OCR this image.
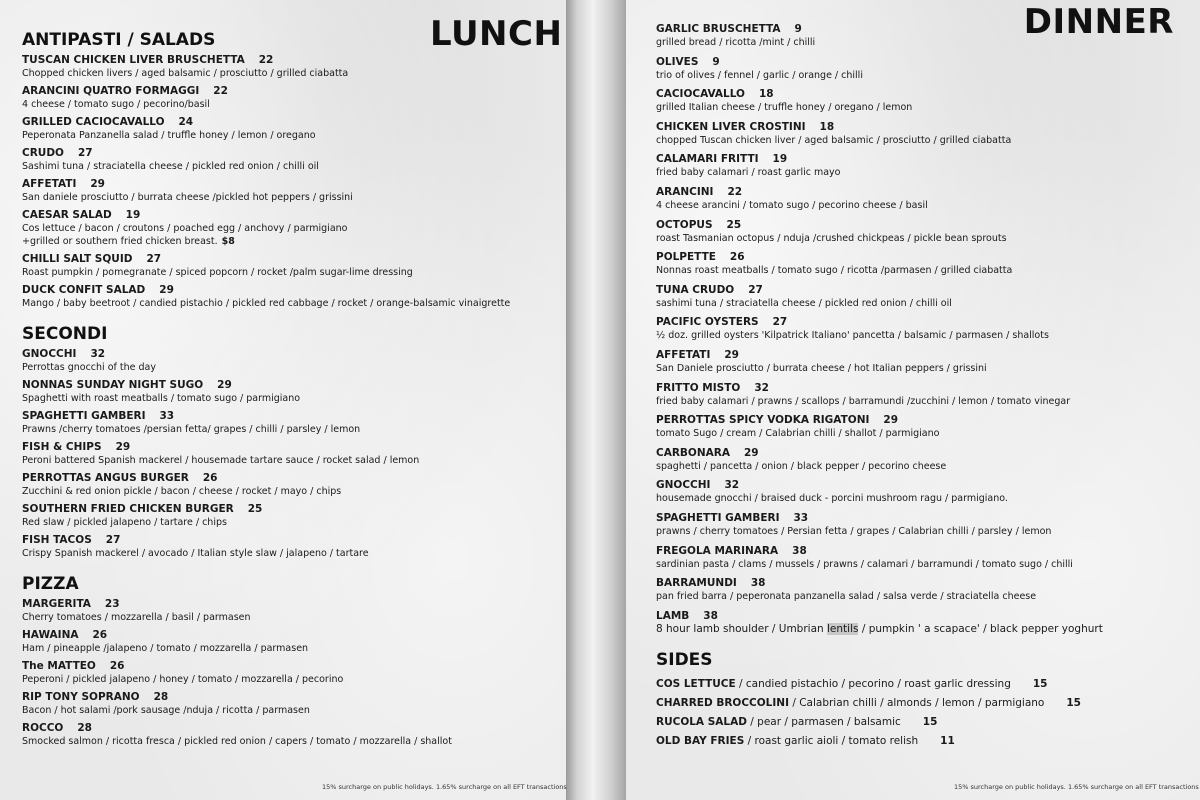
LUNCH
ANTIPASTI / SALADS
TUSCAN CHICKEN LIVER BRUSCHETTA 22
Chopped chicken livers / aged balsamic / prosciutto / grilled ciabatta
ARANCINI QUATRO FORMAGGI 22
4 cheese / tomato sugo / pecorino/basil
GRILLED CACIOCAVALLO 24
Peperonata Panzanella salad / truffle honey / lemon / oregano
CRUDO 27
Sashimi tuna / straciatella cheese / pickled red onion / chilli oil
AFFETATI 29
San daniele prosciutto / burrata cheese /pickled hot peppers / grissini
CAESAR SALAD 19
Cos lettuce / bacon / croutons / poached egg / anchovy / parmigiano
+grilled or southern fried chicken breast. $8
CHILLI SALT SQUID 27
Roast pumpkin / pomegranate / spiced popcorn / rocket /palm sugar-lime dressing
DUCK CONFIT SALAD 29
Mango / baby beetroot / candied pistachio / pickled red cabbage / rocket / orange-balsamic vinaigrette
SECONDI
GNOCCHI 32
Perrottas gnocchi of the day
NONNAS SUNDAY NIGHT SUGO 29
Spaghetti with roast meatballs / tomato sugo / parmigiano
SPAGHETTI GAMBERI 33
Prawns /cherry tomatoes /persian fetta/ grapes / chilli / parsley / lemon
FISH & CHIPS 29
Peroni battered Spanish mackerel / housemade tartare sauce / rocket salad / lemon
PERROTTAS ANGUS BURGER 26
Zucchini & red onion pickle / bacon / cheese / rocket / mayo / chips
SOUTHERN FRIED CHICKEN BURGER 25
Red slaw / pickled jalapeno / tartare / chips
FISH TACOS 27
Crispy Spanish mackerel / avocado / Italian style slaw / jalapeno / tartare
PIZZA
MARGERITA 23
Cherry tomatoes / mozzarella / basil / parmasen
HAWAINA 26
Ham / pineapple /jalapeno / tomato / mozzarella / parmasen
The MATTEO 26
Peperoni / pickled jalapeno / honey / tomato / mozzarella / pecorino
RIP TONY SOPRANO 28
Bacon / hot salami /pork sausage /nduja / ricotta / parmasen
ROCCO 28
Smocked salmon / ricotta fresca / pickled red onion / capers / tomato / mozzarella / shallot
15% surcharge on public holidays. 1.65% surcharge on all EFT transactions
DINNER
GARLIC BRUSCHETTA 9
grilled bread / ricotta /mint / chilli
OLIVES 9
trio of olives / fennel / garlic / orange / chilli
CACIOCAVALLO 18
grilled Italian cheese / truffle honey / oregano / lemon
CHICKEN LIVER CROSTINI 18
chopped Tuscan chicken liver / aged balsamic / prosciutto / grilled ciabatta
CALAMARI FRITTI 19
fried baby calamari / roast garlic mayo
ARANCINI 22
4 cheese arancini / tomato sugo / pecorino cheese / basil
OCTOPUS 25
roast Tasmanian octopus / nduja /crushed chickpeas / pickle bean sprouts
POLPETTE 26
Nonnas roast meatballs / tomato sugo / ricotta /parmasen / grilled ciabatta
TUNA CRUDO 27
sashimi tuna / straciatella cheese / pickled red onion / chilli oil
PACIFIC OYSTERS 27
½ doz. grilled oysters 'Kilpatrick Italiano' pancetta / balsamic / parmasen / shallots
AFFETATI 29
San Daniele prosciutto / burrata cheese / hot Italian peppers / grissini
FRITTO MISTO 32
fried baby calamari / prawns / scallops / barramundi /zucchini / lemon / tomato vinegar
PERROTTAS SPICY VODKA RIGATONI 29
tomato Sugo / cream / Calabrian chilli / shallot / parmigiano
CARBONARA 29
spaghetti / pancetta / onion / black pepper / pecorino cheese
GNOCCHI 32
housemade gnocchi / braised duck - porcini mushroom ragu / parmigiano.
SPAGHETTI GAMBERI 33
prawns / cherry tomatoes / Persian fetta / grapes / Calabrian chilli / parsley / lemon
FREGOLA MARINARA 38
sardinian pasta / clams / mussels / prawns / calamari / barramundi / tomato sugo / chilli
BARRAMUNDI 38
pan fried barra / peperonata panzanella salad / salsa verde / straciatella cheese
LAMB 38
8 hour lamb shoulder / Umbrian lentils / pumpkin ' a scapace' / black pepper yoghurt
SIDES
COS LETTUCE / candied pistachio / pecorino / roast garlic dressing 15
CHARRED BROCCOLINI / Calabrian chilli / almonds / lemon / parmigiano 15
RUCOLA SALAD / pear / parmasen / balsamic 15
OLD BAY FRIES / roast garlic aioli / tomato relish 11
15% surcharge on public holidays. 1.65% surcharge on all EFT transactions
